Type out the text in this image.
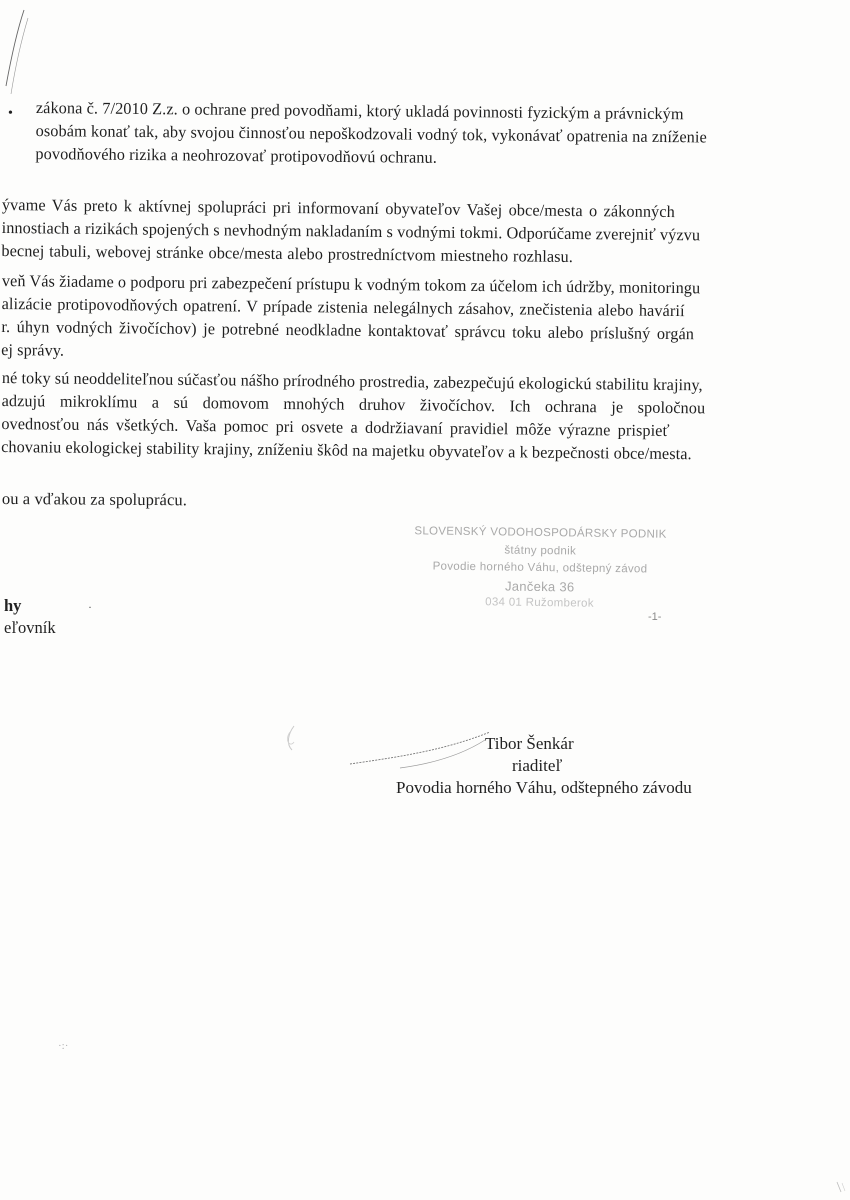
• zákona č. 7/2010 Z.z. o ochrane pred povodňami, ktorý ukladá povinnosti fyzickým a právnickým
osobám konať tak, aby svojou činnosťou nepoškodzovali vodný tok, vykonávať opatrenia na zníženie
povodňového rizika a neohrozovať protipovodňovú ochranu.
ývame Vás preto k aktívnej spolupráci pri informovaní obyvateľov Vašej obce/mesta o zákonných
innostiach a rizikách spojených s nevhodným nakladaním s vodnými tokmi. Odporúčame zverejniť výzvu
becnej tabuli, webovej stránke obce/mesta alebo prostredníctvom miestneho rozhlasu.
veň Vás žiadame o podporu pri zabezpečení prístupu k vodným tokom za účelom ich údržby, monitoringu
alizácie protipovodňových opatrení. V prípade zistenia nelegálnych zásahov, znečistenia alebo havárií
r. úhyn vodných živočíchov) je potrebné neodkladne kontaktovať správcu toku alebo príslušný orgán
ej správy.
né toky sú neoddeliteľnou súčasťou nášho prírodného prostredia, zabezpečujú ekologickú stabilitu krajiny,
adzujú mikroklímu a sú domovom mnohých druhov živočíchov. Ich ochrana je spoločnou
ovednosťou nás všetkých. Vaša pomoc pri osvete a dodržiavaní pravidiel môže výrazne prispieť
chovaniu ekologickej stability krajiny, zníženiu škôd na majetku obyvateľov a k bezpečnosti obce/mesta.
ou a vďakou za spoluprácu.
SLOVENSKÝ VODOHOSPODÁRSKY PODNIK
štátny podnik
Povodie horného Váhu, odštepný závod
Jančeka 36
034 01 Ružomberok
-1-
hy
eľovník
·
Tibor Šenkár
riaditeľ
Povodia horného Váhu, odštepného závodu
·:·
